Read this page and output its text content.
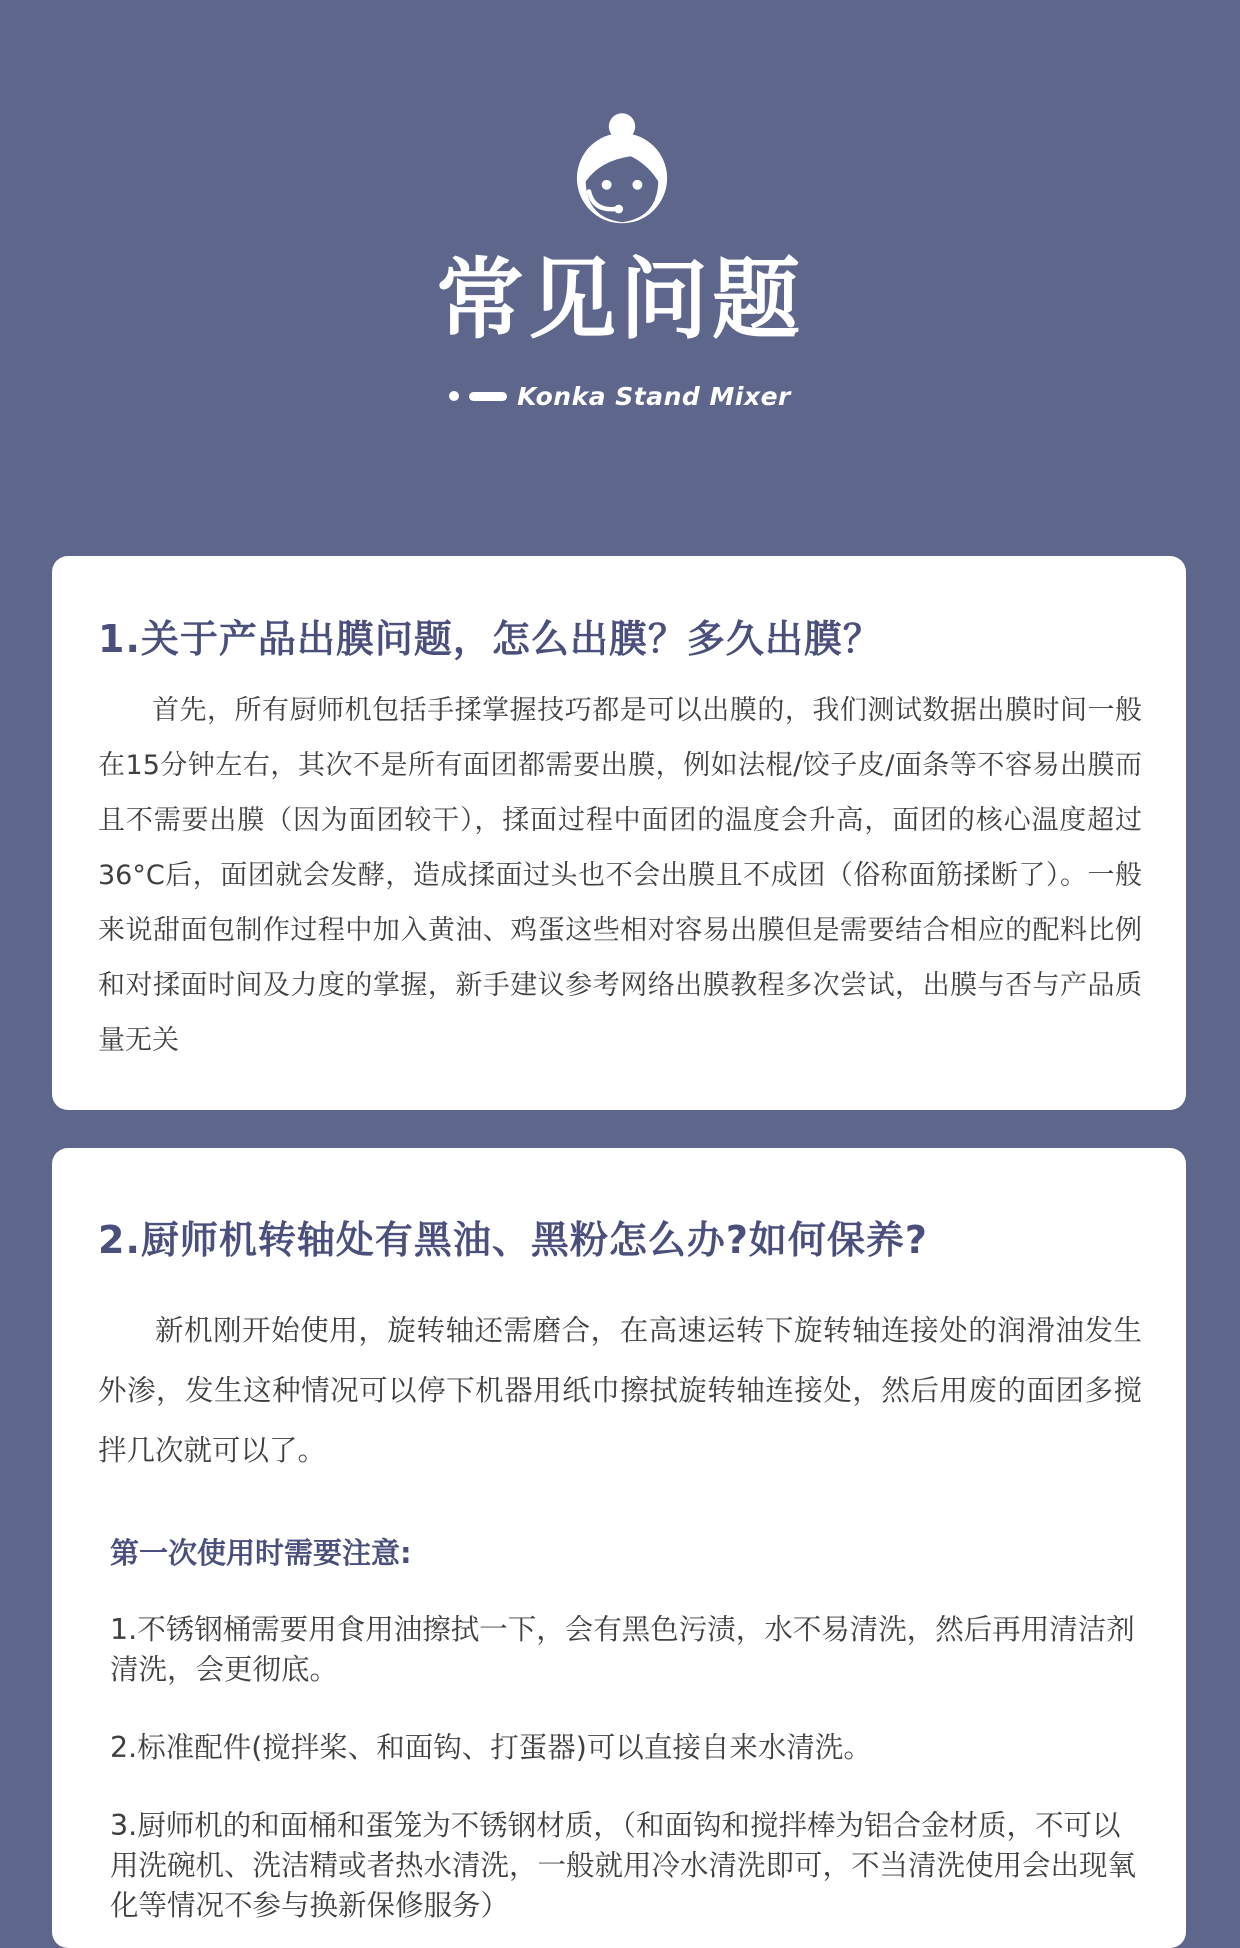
常见问题
Konka Stand Mixer
1.关于产品出膜问题，怎么出膜？多久出膜？
首先，所有厨师机包括手揉掌握技巧都是可以出膜的，我们测试数据出膜时间一般在15分钟左右，其次不是所有面团都需要出膜，例如法棍/饺子皮/面条等不容易出膜而且不需要出膜（因为面团较干），揉面过程中面团的温度会升高，面团的核心温度超过36°C后，面团就会发酵，造成揉面过头也不会出膜且不成团（俗称面筋揉断了）。一般来说甜面包制作过程中加入黄油、鸡蛋这些相对容易出膜但是需要结合相应的配料比例和对揉面时间及力度的掌握，新手建议参考网络出膜教程多次尝试，出膜与否与产品质量无关
2.厨师机转轴处有黑油、黑粉怎么办?如何保养?
新机刚开始使用，旋转轴还需磨合，在高速运转下旋转轴连接处的润滑油发生外渗，发生这种情况可以停下机器用纸巾擦拭旋转轴连接处，然后用废的面团多搅拌几次就可以了。
第一次使用时需要注意:
1.不锈钢桶需要用食用油擦拭一下，会有黑色污渍，水不易清洗，然后再用清洁剂清洗，会更彻底。
2.标准配件(搅拌桨、和面钩、打蛋器)可以直接自来水清洗。
3.厨师机的和面桶和蛋笼为不锈钢材质，（和面钩和搅拌棒为铝合金材质，不可以用洗碗机、洗洁精或者热水清洗，一般就用冷水清洗即可，不当清洗使用会出现氧化等情况不参与换新保修服务）
